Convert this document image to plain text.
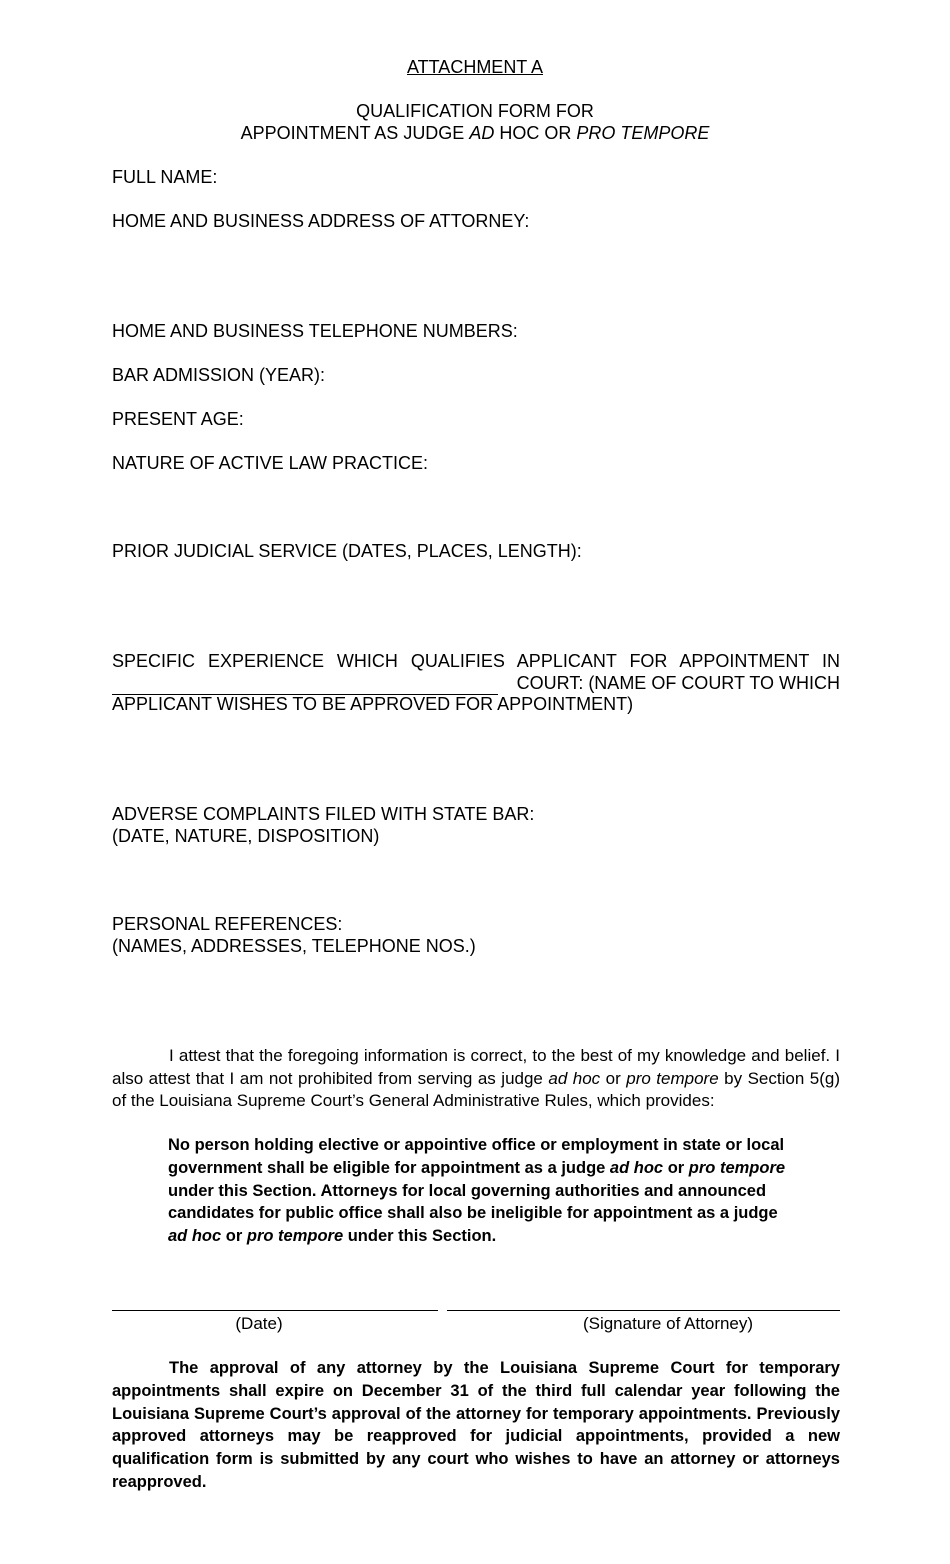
ATTACHMENT A
QUALIFICATION FORM FOR
APPOINTMENT AS JUDGE AD HOC OR PRO TEMPORE
FULL NAME:
HOME AND BUSINESS ADDRESS OF ATTORNEY:
HOME AND BUSINESS TELEPHONE NUMBERS:
BAR ADMISSION (YEAR):
PRESENT AGE:
NATURE OF ACTIVE LAW PRACTICE:
PRIOR JUDICIAL SERVICE (DATES, PLACES, LENGTH):
SPECIFIC EXPERIENCE WHICH QUALIFIES APPLICANT FOR APPOINTMENT IN

COURT: (NAME OF COURT TO WHICH
APPLICANT WISHES TO BE APPROVED FOR APPOINTMENT)
ADVERSE COMPLAINTS FILED WITH STATE BAR:
(DATE, NATURE, DISPOSITION)
PERSONAL REFERENCES:
(NAMES, ADDRESSES, TELEPHONE NOS.)
I attest that the foregoing information is correct, to the best of my knowledge and belief. I also attest that I am not prohibited from serving as judge ad hoc or pro tempore by Section 5(g) of the Louisiana Supreme Court’s General Administrative Rules, which provides:
No person holding elective or appointive office or employment in state or local government shall be eligible for appointment as a judge ad hoc or pro tempore under this Section. Attorneys for local governing authorities and announced candidates for public office shall also be ineligible for appointment as a judge ad hoc or pro tempore under this Section.
(Date)	(Signature of Attorney)
The approval of any attorney by the Louisiana Supreme Court for temporary appointments shall expire on December 31 of the third full calendar year following the Louisiana Supreme Court’s approval of the attorney for temporary appointments. Previously approved attorneys may be reapproved for judicial appointments, provided a new qualification form is submitted by any court who wishes to have an attorney or attorneys reapproved.
